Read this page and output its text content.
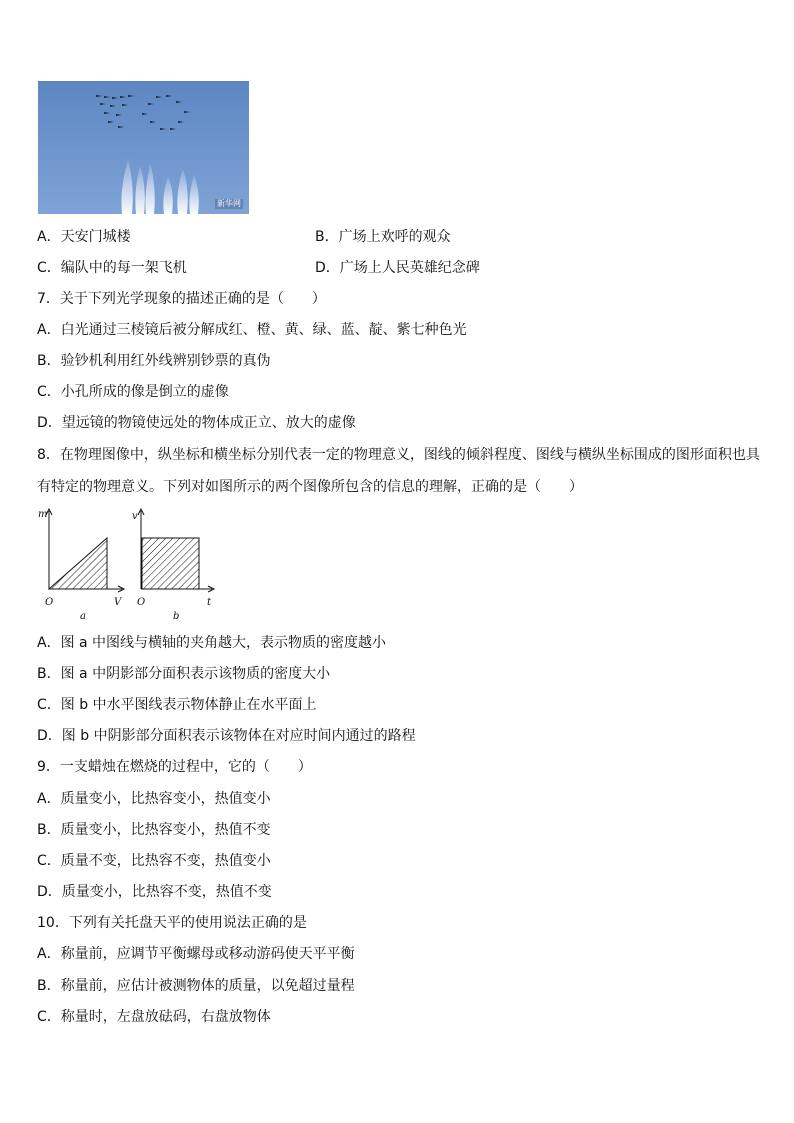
新华网
A．天安门城楼	B．广场上欢呼的观众
C．编队中的每一架飞机	D．广场上人民英雄纪念碑
7．关于下列光学现象的描述正确的是（　　）
A．白光通过三棱镜后被分解成红、橙、黄、绿、蓝、靛、紫七种色光
B．验钞机利用红外线辨别钞票的真伪
C．小孔所成的像是倒立的虚像
D．望远镜的物镜使远处的物体成正立、放大的虚像
8．在物理图像中，纵坐标和横坐标分别代表一定的物理意义，图线的倾斜程度、图线与横纵坐标围成的图形面积也具
有特定的物理意义。下列对如图所示的两个图像所包含的信息的理解，正确的是（　　）
m
V
O
a
v
t
O
b
A．图 a 中图线与横轴的夹角越大，表示物质的密度越小
B．图 a 中阴影部分面积表示该物质的密度大小
C．图 b 中水平图线表示物体静止在水平面上
D．图 b 中阴影部分面积表示该物体在对应时间内通过的路程
9．一支蜡烛在燃烧的过程中，它的（　　）
A．质量变小，比热容变小，热值变小
B．质量变小，比热容变小，热值不变
C．质量不变，比热容不变，热值变小
D．质量变小，比热容不变，热值不变
10．下列有关托盘天平的使用说法正确的是
A．称量前，应调节平衡螺母或移动游码使天平平衡
B．称量前，应估计被测物体的质量，以免超过量程
C．称量时，左盘放砝码，右盘放物体
